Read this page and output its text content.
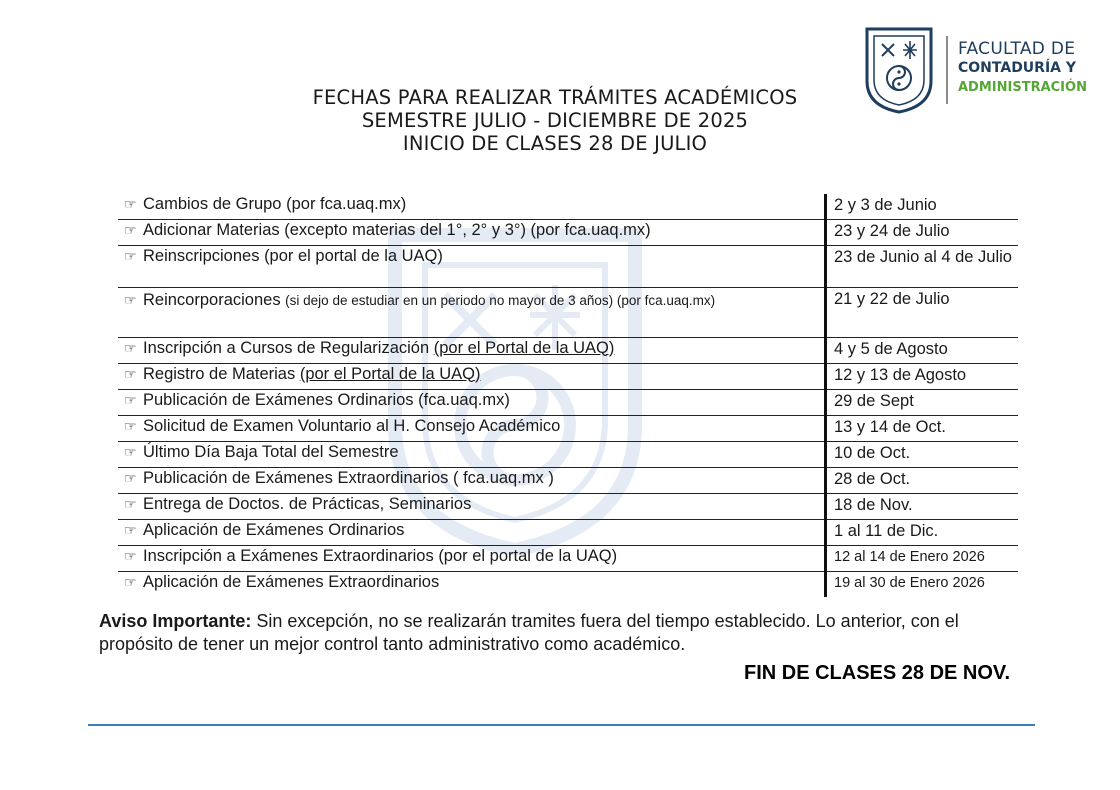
FECHAS PARA REALIZAR TRÁMITES ACADÉMICOS
SEMESTRE JULIO - DICIEMBRE DE 2025
INICIO DE CLASES 28 DE JULIO
FACULTAD DE
CONTADURÍA Y
ADMINISTRACIÓN
☞ Cambios de Grupo (por fca.uaq.mx)	2 y 3 de Junio
☞ Adicionar Materias (excepto materias del 1°, 2° y 3°) (por fca.uaq.mx)	23 y 24 de Julio
☞ Reinscripciones (por el portal de la UAQ)	23 de Junio al 4 de Julio
☞ Reincorporaciones (si dejo de estudiar en un periodo no mayor de 3 años) (por fca.uaq.mx)	21 y 22 de Julio
☞ Inscripción a Cursos de Regularización (por el Portal de la UAQ)	4 y 5 de Agosto
☞ Registro de Materias (por el Portal de la UAQ)	12 y 13 de Agosto
☞ Publicación de Exámenes Ordinarios (fca.uaq.mx)	29 de Sept
☞ Solicitud de Examen Voluntario al H. Consejo Académico	13 y 14 de Oct.
☞ Último Día Baja Total del Semestre	10 de Oct.
☞ Publicación de Exámenes Extraordinarios ( fca.uaq.mx )	28 de Oct.
☞ Entrega de Doctos. de Prácticas, Seminarios	18 de Nov.
☞ Aplicación de Exámenes Ordinarios	1 al 11 de Dic.
☞ Inscripción a Exámenes Extraordinarios (por el portal de la UAQ)	12 al 14 de Enero 2026
☞ Aplicación de Exámenes Extraordinarios	19 al 30 de Enero 2026
Aviso Importante: Sin excepción, no se realizarán tramites fuera del tiempo establecido. Lo anterior, con el propósito de tener un mejor control tanto administrativo como académico.
FIN DE CLASES 28 DE NOV.
